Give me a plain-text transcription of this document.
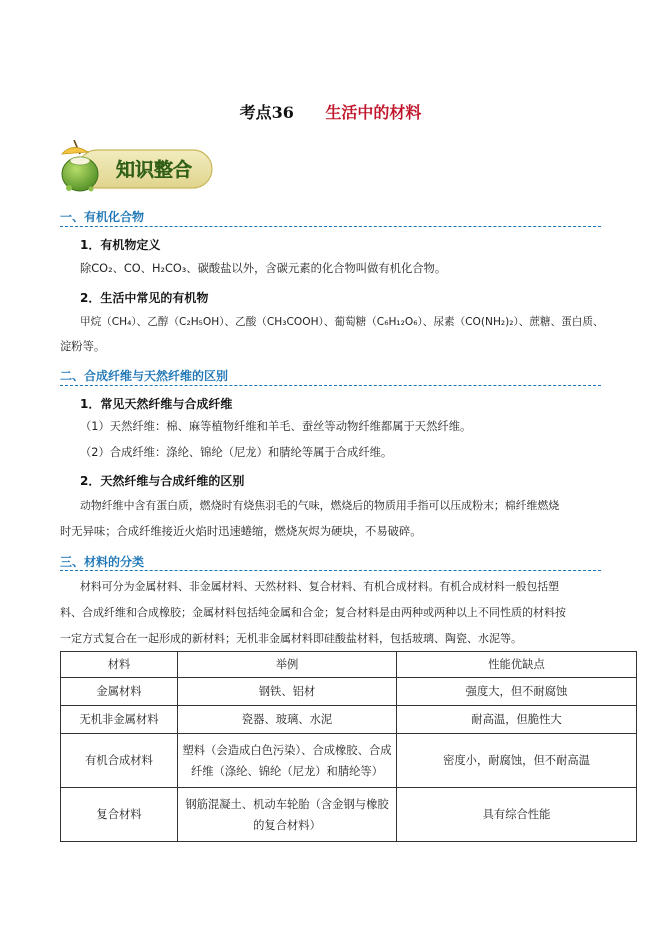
考点36 生活中的材料
知识整合
一、有机化合物
1．有机物定义
除CO₂、CO、H₂CO₃、碳酸盐以外，含碳元素的化合物叫做有机化合物。
2．生活中常见的有机物
甲烷（CH₄）、乙醇（C₂H₅OH）、乙酸（CH₃COOH）、葡萄糖（C₆H₁₂O₆）、尿素（CO(NH₂)₂）、蔗糖、蛋白质、
淀粉等。
二、合成纤维与天然纤维的区别
1．常见天然纤维与合成纤维
（1）天然纤维：棉、麻等植物纤维和羊毛、蚕丝等动物纤维都属于天然纤维。
（2）合成纤维：涤纶、锦纶（尼龙）和腈纶等属于合成纤维。
2．天然纤维与合成纤维的区别
动物纤维中含有蛋白质，燃烧时有烧焦羽毛的气味，燃烧后的物质用手指可以压成粉末；棉纤维燃烧
时无异味；合成纤维接近火焰时迅速蜷缩，燃烧灰烬为硬块，不易破碎。
三、材料的分类
材料可分为金属材料、非金属材料、天然材料、复合材料、有机合成材料。有机合成材料一般包括塑
料、合成纤维和合成橡胶；金属材料包括纯金属和合金；复合材料是由两种或两种以上不同性质的材料按
一定方式复合在一起形成的新材料；无机非金属材料即硅酸盐材料，包括玻璃、陶瓷、水泥等。
材料	举例	性能优缺点
金属材料	钢铁、铝材	强度大，但不耐腐蚀
无机非金属材料	瓷器、玻璃、水泥	耐高温，但脆性大
有机合成材料	塑料（会造成白色污染）、合成橡胶、合成纤维（涤纶、锦纶（尼龙）和腈纶等）	密度小，耐腐蚀，但不耐高温
复合材料	钢筋混凝土、机动车轮胎（含金钢与橡胶的复合材料）	具有综合性能
